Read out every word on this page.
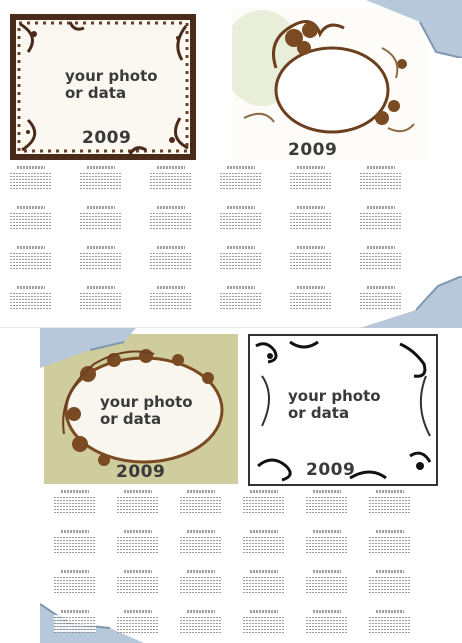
your photo
or data
2009
2009
your photo
or data
2009
your photo
or data
2009
